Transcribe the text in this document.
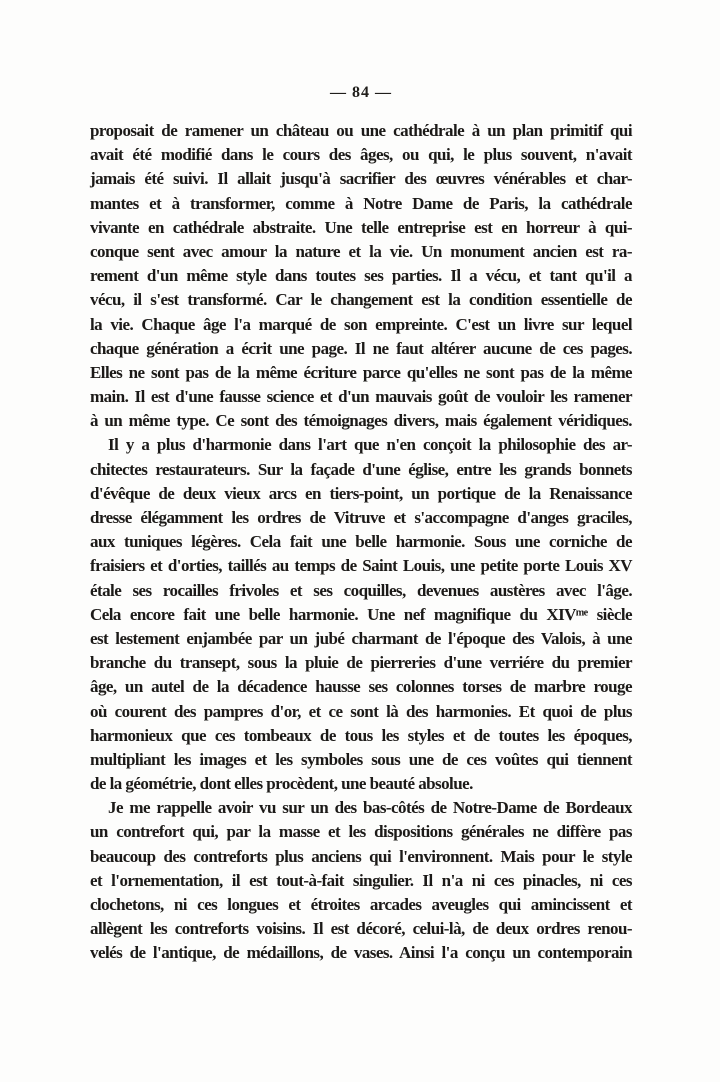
— 84 —
proposait de ramener un château ou une cathédrale à un plan primitif qui
avait été modifié dans le cours des âges, ou qui, le plus souvent, n'avait
jamais été suivi. Il allait jusqu'à sacrifier des œuvres vénérables et char-
mantes et à transformer, comme à Notre Dame de Paris, la cathédrale
vivante en cathédrale abstraite. Une telle entreprise est en horreur à qui-
conque sent avec amour la nature et la vie. Un monument ancien est ra-
rement d'un même style dans toutes ses parties. Il a vécu, et tant qu'il a
vécu, il s'est transformé. Car le changement est la condition essentielle de
la vie. Chaque âge l'a marqué de son empreinte. C'est un livre sur lequel
chaque génération a écrit une page. Il ne faut altérer aucune de ces pages.
Elles ne sont pas de la même écriture parce qu'elles ne sont pas de la même
main. Il est d'une fausse science et d'un mauvais goût de vouloir les ramener
à un même type. Ce sont des témoignages divers, mais également véridiques.
Il y a plus d'harmonie dans l'art que n'en conçoit la philosophie des ar-
chitectes restaurateurs. Sur la façade d'une église, entre les grands bonnets
d'évêque de deux vieux arcs en tiers-point, un portique de la Renaissance
dresse élégamment les ordres de Vitruve et s'accompagne d'anges graciles,
aux tuniques légères. Cela fait une belle harmonie. Sous une corniche de
fraisiers et d'orties, taillés au temps de Saint Louis, une petite porte Louis XV
étale ses rocailles frivoles et ses coquilles, devenues austères avec l'âge.
Cela encore fait une belle harmonie. Une nef magnifique du XIVᵐᵉ siècle
est lestement enjambée par un jubé charmant de l'époque des Valois, à une
branche du transept, sous la pluie de pierreries d'une verriére du premier
âge, un autel de la décadence hausse ses colonnes torses de marbre rouge
où courent des pampres d'or, et ce sont là des harmonies. Et quoi de plus
harmonieux que ces tombeaux de tous les styles et de toutes les époques,
multipliant les images et les symboles sous une de ces voûtes qui tiennent
de la géométrie, dont elles procèdent, une beauté absolue.
Je me rappelle avoir vu sur un des bas-côtés de Notre-Dame de Bordeaux
un contrefort qui, par la masse et les dispositions générales ne diffère pas
beaucoup des contreforts plus anciens qui l'environnent. Mais pour le style
et l'ornementation, il est tout-à-fait singulier. Il n'a ni ces pinacles, ni ces
clochetons, ni ces longues et étroites arcades aveugles qui amincissent et
allègent les contreforts voisins. Il est décoré, celui-là, de deux ordres renou-
velés de l'antique, de médaillons, de vases. Ainsi l'a conçu un contemporain
